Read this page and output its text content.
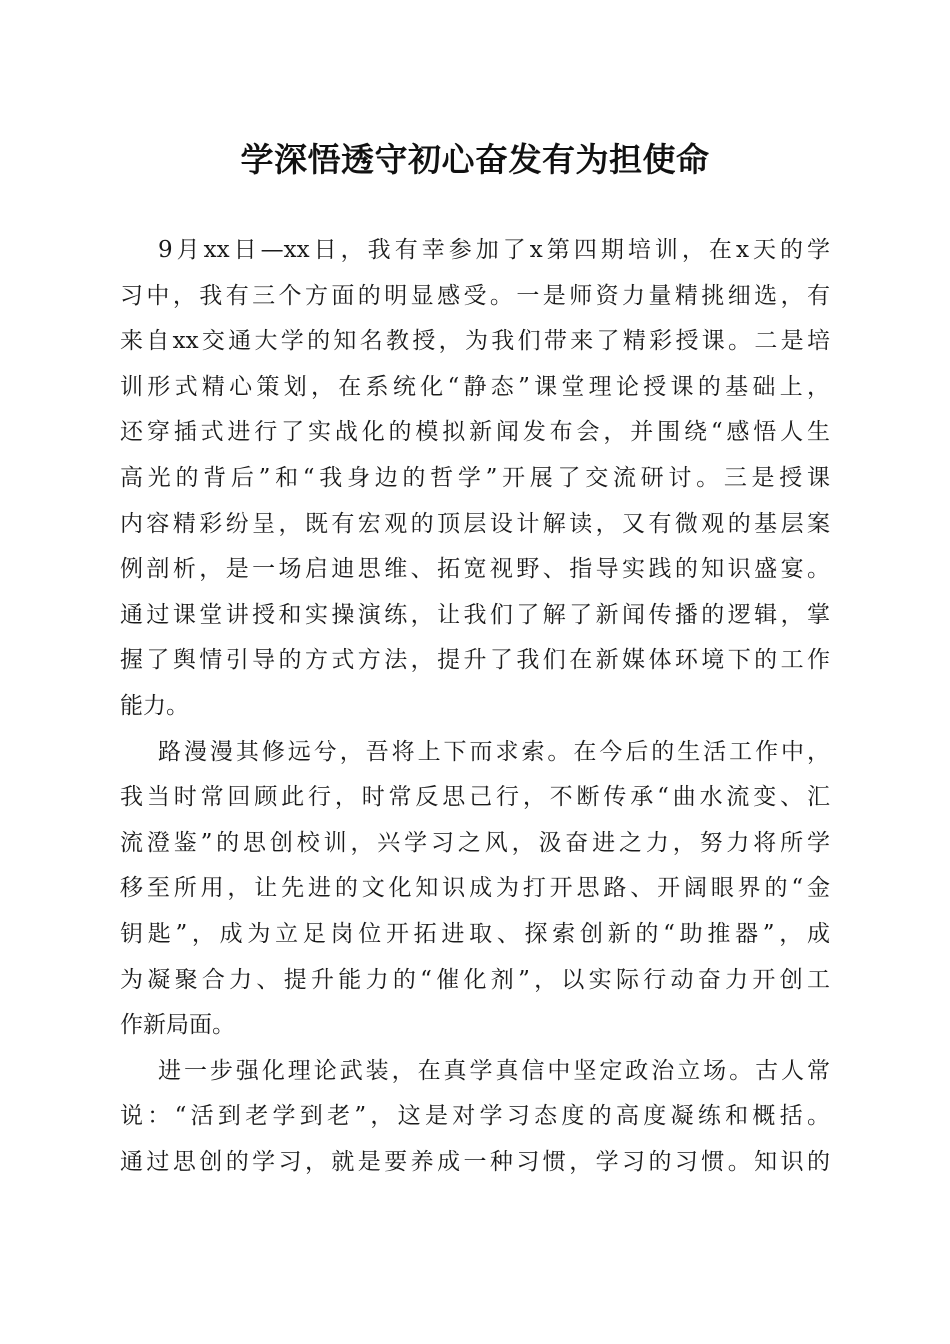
学深悟透守初心奋发有为担使命
9月xx日—xx日，我有幸参加了x第四期培训，在x天的学
习中，我有三个方面的明显感受。一是师资力量精挑细选，有
来自xx交通大学的知名教授，为我们带来了精彩授课。二是培
训形式精心策划，在系统化“静态”课堂理论授课的基础上，
还穿插式进行了实战化的模拟新闻发布会，并围绕“感悟人生
高光的背后”和“我身边的哲学”开展了交流研讨。三是授课
内容精彩纷呈，既有宏观的顶层设计解读，又有微观的基层案
例剖析，是一场启迪思维、拓宽视野、指导实践的知识盛宴。
通过课堂讲授和实操演练，让我们了解了新闻传播的逻辑，掌
握了舆情引导的方式方法，提升了我们在新媒体环境下的工作
能力。
路漫漫其修远兮，吾将上下而求索。在今后的生活工作中，
我当时常回顾此行，时常反思己行，不断传承“曲水流变、汇
流澄鉴”的思创校训，兴学习之风，汲奋进之力，努力将所学
移至所用，让先进的文化知识成为打开思路、开阔眼界的“金
钥匙”，成为立足岗位开拓进取、探索创新的“助推器”，成
为凝聚合力、提升能力的“催化剂”，以实际行动奋力开创工
作新局面。
进一步强化理论武装，在真学真信中坚定政治立场。古人常
说：“活到老学到老”，这是对学习态度的高度凝练和概括。
通过思创的学习，就是要养成一种习惯，学习的习惯。知识的
